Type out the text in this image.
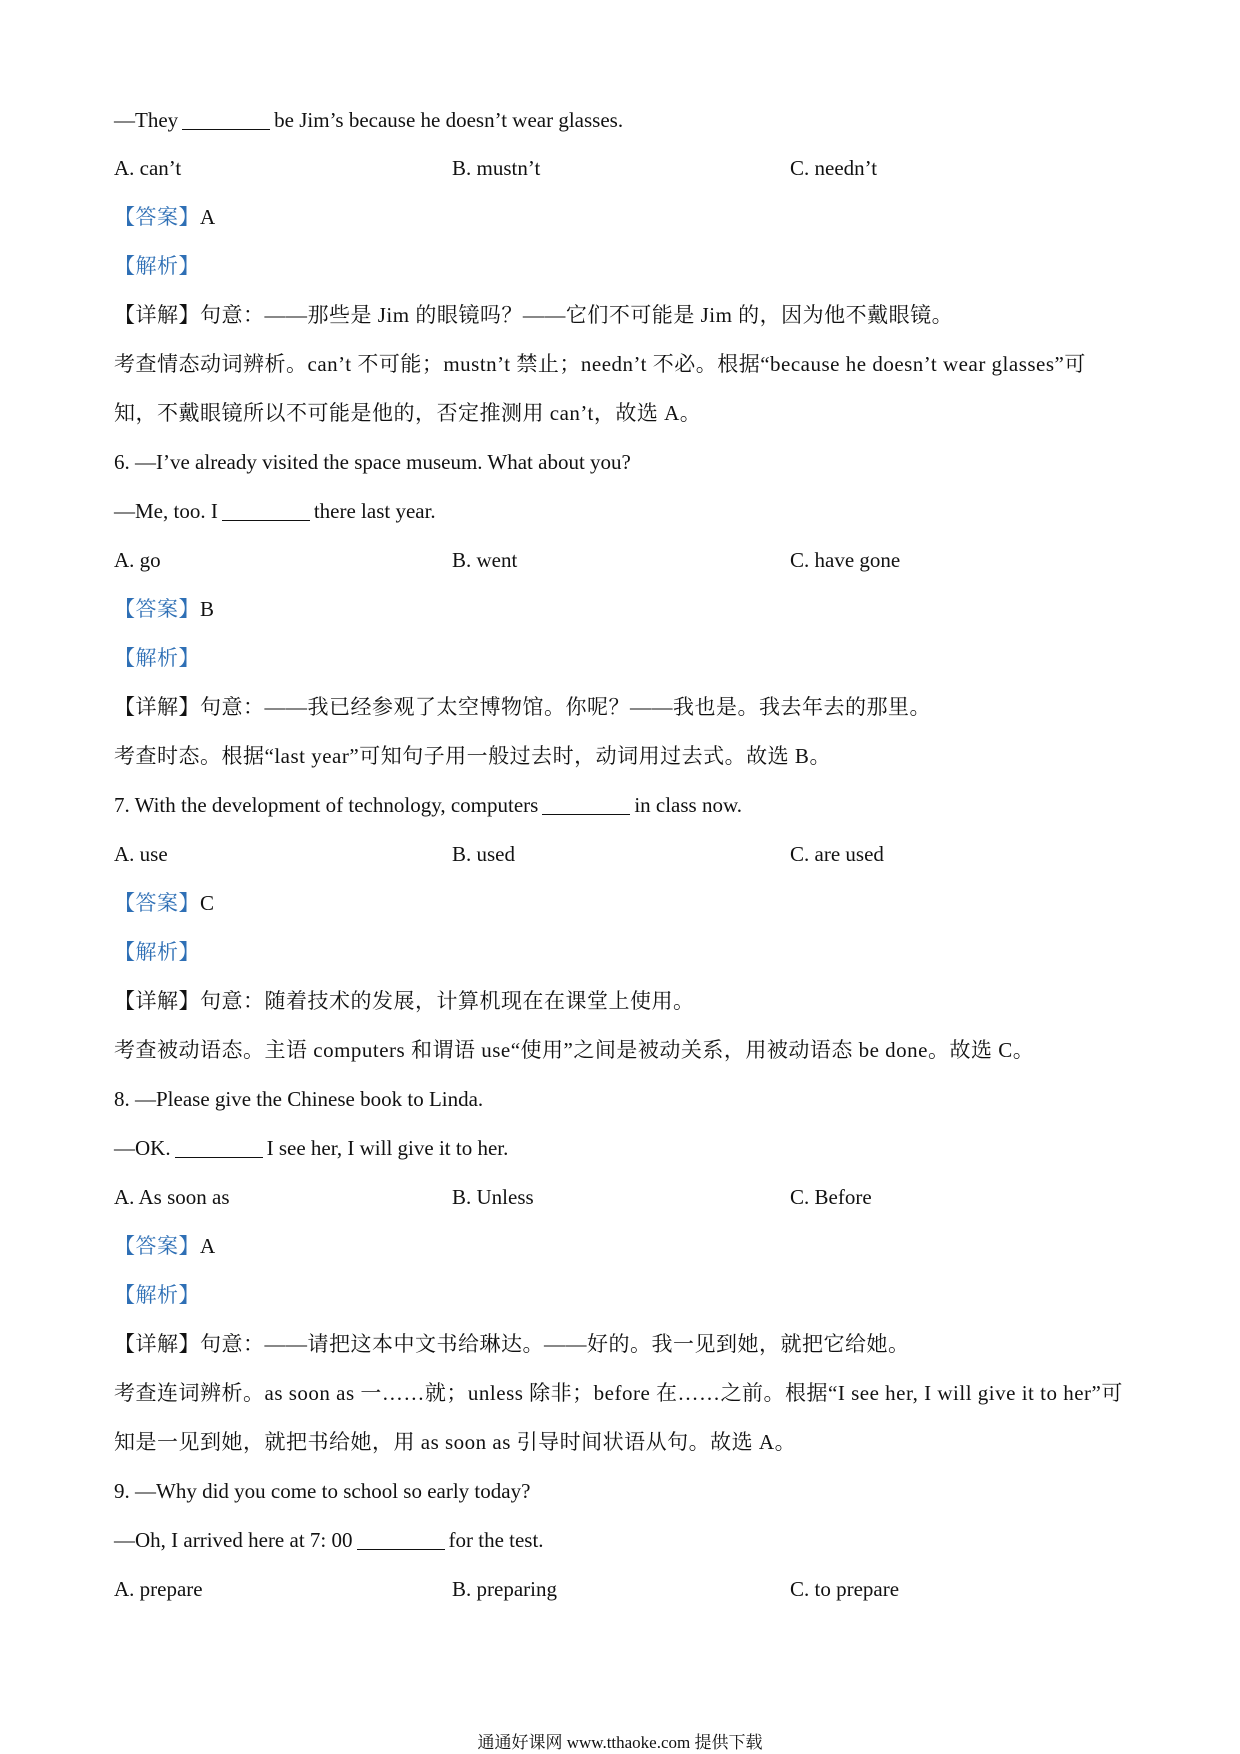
—They	be Jim’s because he doesn’t wear glasses.
A. can’t	B. mustn’t	C. needn’t
【答案】A
【解析】
【详解】句意：——那些是 Jim 的眼镜吗？——它们不可能是 Jim 的，因为他不戴眼镜。
考查情态动词辨析。can’t 不可能；mustn’t 禁止；needn’t 不必。根据“because he doesn’t wear glasses”可
知，不戴眼镜所以不可能是他的，否定推测用 can’t，故选 A。
6. —I’ve already visited the space museum. What about you?
—Me, too. I	there last year.
A. go	B. went	C. have gone
【答案】B
【解析】
【详解】句意：——我已经参观了太空博物馆。你呢？——我也是。我去年去的那里。
考查时态。根据“last year”可知句子用一般过去时，动词用过去式。故选 B。
7. With the development of technology, computers	in class now.
A. use	B. used	C. are used
【答案】C
【解析】
【详解】句意：随着技术的发展，计算机现在在课堂上使用。
考查被动语态。主语 computers 和谓语 use“使用”之间是被动关系，用被动语态 be done。故选 C。
8. —Please give the Chinese book to Linda.
—OK.	I see her, I will give it to her.
A. As soon as	B. Unless	C. Before
【答案】A
【解析】
【详解】句意：——请把这本中文书给琳达。——好的。我一见到她，就把它给她。
考查连词辨析。as soon as 一……就；unless 除非；before 在……之前。根据“I see her, I will give it to her”可
知是一见到她，就把书给她，用 as soon as 引导时间状语从句。故选 A。
9. —Why did you come to school so early today?
—Oh, I arrived here at 7: 00	for the test.
A. prepare	B. preparing	C. to prepare
通通好课网 www.tthaoke.com 提供下载
